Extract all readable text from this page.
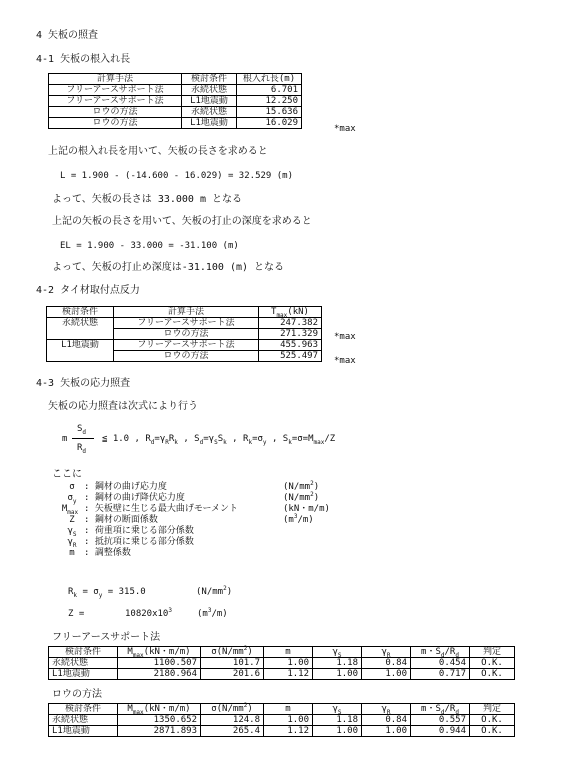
4 矢板の照査
4-1 矢板の根入れ長
計算手法	検討条件	根入れ長(m)
フリーアースサポート法	永続状態	6.701
フリーアースサポート法	L1地震動	12.250
ロウの方法	永続状態	15.636
ロウの方法	L1地震動	16.029
*max
上記の根入れ長を用いて、矢板の長さを求めると
L = 1.900 - (-14.600 - 16.029) = 32.529 (m)
よって、矢板の長さは 33.000 m となる
上記の矢板の長さを用いて、矢板の打止の深度を求めると
EL = 1.900 - 33.000 = -31.100 (m)
よって、矢板の打止め深度は-31.100 (m) となる
4-2 タイ材取付点反力
検討条件	計算手法	$T_{max}(kN)$
永続状態	フリーアースサポート法	247.382
	ロウの方法	271.329
L1地震動	フリーアースサポート法	455.963
	ロウの方法	525.497
*max
*max
4-3 矢板の応力照査
矢板の応力照査は次式により行う
$S_d$
$R_d$
m	≦ 1.0 , $R_d=\gamma_RR_k$ , $S_d=\gamma_SS_k$ , $R_k=\sigma_y$ , $S_k=\sigma=M_{max}/Z$
ここに
σ : 鋼材の曲げ応力度	$(N/mm^2)$
$\sigma_y$ : 鋼材の曲げ降伏応力度	$(N/mm^2)$
$M_{max}$ : 矢板壁に生じる最大曲げモーメント	(kN・m/m)
Z : 鋼材の断面係数	$(m^3/m)$
$\gamma_S$ : 荷重項に乗じる部分係数
$\gamma_R$ : 抵抗項に乗じる部分係数
m : 調整係数
$R_k = \sigma_y = 315.0$	$(N/mm^2)$
Z =	$10820x10^3$	$(m^3/m)$
フリーアースサポート法
検討条件	$M_{max}(kN$・m/m)	$\sigma(N/mm^2)$	m	$\gamma_S$	$\gamma_R$	m・$S_d/R_d$	判定
永続状態	1100.507	101.7	1.00	1.18	0.84	0.454	O.K.
L1地震動	2180.964	201.6	1.12	1.00	1.00	0.717	O.K.
ロウの方法
検討条件	$M_{max}(kN$・m/m)	$\sigma(N/mm^2)$	m	$\gamma_S$	$\gamma_R$	m・$S_d/R_d$	判定
永続状態	1350.652	124.8	1.00	1.18	0.84	0.557	O.K.
L1地震動	2871.893	265.4	1.12	1.00	1.00	0.944	O.K.
